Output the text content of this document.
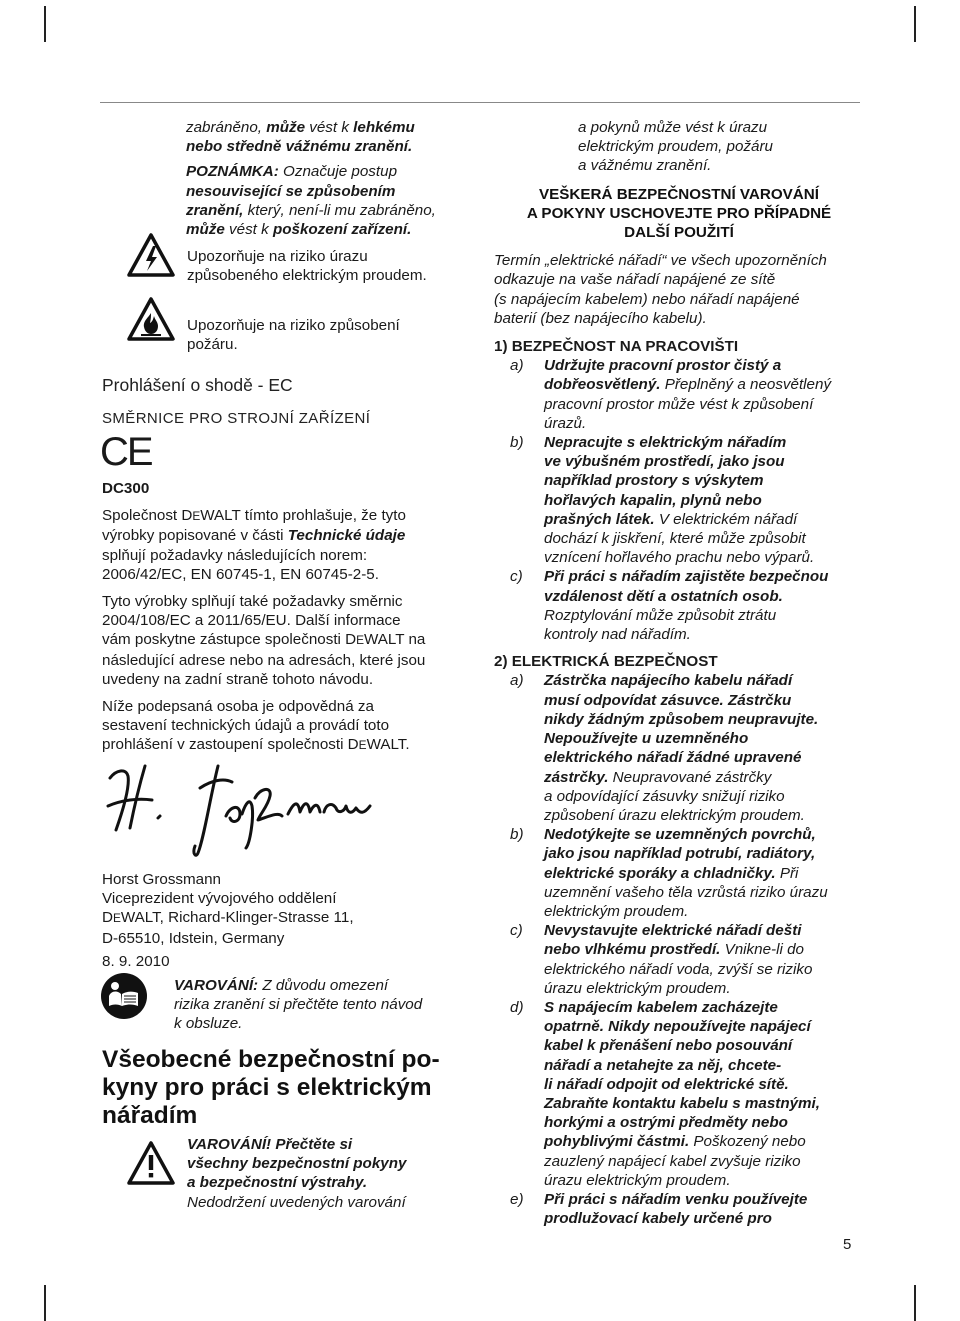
zabráněno, může vést k lehkému

nebo středně vážnému zranění.

POZNÁMKA: Označuje postup

nesouvisející se způsobením

zranění, který, není-li mu zabráněno,

může vést k poškození zařízení.

Upozorňuje na riziko úrazu

způsobeného elektrickým proudem.

Upozorňuje na riziko způsobení

požáru.

Prohlášení o shodě - EC

SMĚRNICE PRO STROJNÍ ZAŘÍZENÍ

CE

DC300

Společnost DEWALT tímto prohlašuje, že tyto

výrobky popisované v části Technické údaje

splňují požadavky následujících norem:

2006/42/EC, EN 60745-1, EN 60745-2-5.

Tyto výrobky splňují také požadavky směrnic

2004/108/EC a 2011/65/EU. Další informace

vám poskytne zástupce společnosti DEWALT na

následující adrese nebo na adresách, které jsou

uvedeny na zadní straně tohoto návodu.

Níže podepsaná osoba je odpovědná za

sestavení technických údajů a provádí toto

prohlášení v zastoupení společnosti DEWALT.

Horst Grossmann

Viceprezident vývojového oddělení

DEWALT, Richard-Klinger-Strasse 11,

D-65510, Idstein, Germany

8. 9. 2010

VAROVÁNÍ: Z důvodu omezení

rizika zranění si přečtěte tento návod

k obsluze.

Všeobecné bezpečnostní po-

kyny pro práci s elektrickým

nářadím

VAROVÁNÍ! Přečtěte si

všechny bezpečnostní pokyny

a bezpečnostní výstrahy.

Nedodržení uvedených varování

a pokynů může vést k úrazu

elektrickým proudem, požáru

a vážnému zranění.

VEŠKERÁ BEZPEČNOSTNÍ VAROVÁNÍ

A POKYNY USCHOVEJTE PRO PŘÍPADNÉ

DALŠÍ POUŽITÍ

Termín „elektrické nářadí“ ve všech upozorněních

odkazuje na vaše nářadí napájené ze sítě

(s napájecím kabelem) nebo nářadí napájené

baterií (bez napájecího kabelu).

1) BEZPEČNOST NA PRACOVIŠTI

a)	Udržujte pracovní prostor čistý a dobřeosvětlený. Přeplněný a neosvětlený
pracovní prostor může vést k způsobení
úrazů.
b)	Nepracujte s elektrickým nářadím
ve výbušném prostředí, jako jsou
například prostory s výskytem
hořlavých kapalin, plynů nebo
prašných látek. V elektrickém nářadí
dochází k jiskření, které může způsobit
vznícení hořlavého prachu nebo výparů.
c)	Při práci s nářadím zajistěte bezpečnou
vzdálenost dětí a ostatních osob.
Rozptylování může způsobit ztrátu
kontroly nad nářadím.

2) ELEKTRICKÁ BEZPEČNOST

a)	Zástrčka napájecího kabelu nářadí
musí odpovídat zásuvce. Zástrčku
nikdy žádným způsobem neupravujte.
Nepoužívejte u uzemněného
elektrického nářadí žádné upravené
zástrčky. Neupravované zástrčky
a odpovídající zásuvky snižují riziko
způsobení úrazu elektrickým proudem.
b)	Nedotýkejte se uzemněných povrchů,
jako jsou například potrubí, radiátory,
elektrické sporáky a chladničky. Při
uzemnění vašeho těla vzrůstá riziko úrazu
elektrickým proudem.
c)	Nevystavujte elektrické nářadí dešti
nebo vlhkému prostředí. Vnikne-li do
elektrického nářadí voda, zvýší se riziko
úrazu elektrickým proudem.
d)	S napájecím kabelem zacházejte
opatrně. Nikdy nepoužívejte napájecí
kabel k přenášení nebo posouvání
nářadí a netahejte za něj, chcete-
li nářadí odpojit od elektrické sítě.
Zabraňte kontaktu kabelu s mastnými,
horkými a ostrými předměty nebo
pohyblivými částmi. Poškozený nebo
zauzlený napájecí kabel zvyšuje riziko
úrazu elektrickým proudem.
e)	Při práci s nářadím venku používejte
prodlužovací kabely určené pro
5
